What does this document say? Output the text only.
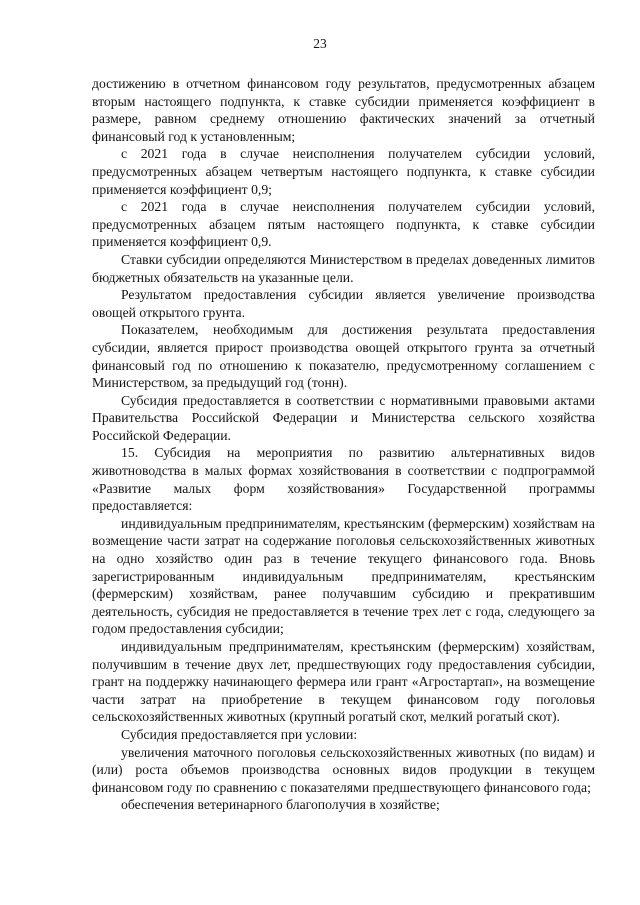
23

достижению в отчетном финансовом году результатов, предусмотренных абзацем вторым настоящего подпункта, к ставке субсидии применяется коэффициент в размере, равном среднему отношению фактических значений за отчетный финансовый год к установленным;

с 2021 года в случае неисполнения получателем субсидии условий, предусмотренных абзацем четвертым настоящего подпункта, к ставке субсидии применяется коэффициент 0,9;

с 2021 года в случае неисполнения получателем субсидии условий, предусмотренных абзацем пятым настоящего подпункта, к ставке субсидии применяется коэффициент 0,9.

Ставки субсидии определяются Министерством в пределах доведенных лимитов бюджетных обязательств на указанные цели.

Результатом предоставления субсидии является увеличение производства овощей открытого грунта.

Показателем, необходимым для достижения результата предоставления субсидии, является прирост производства овощей открытого грунта за отчетный финансовый год по отношению к показателю, предусмотренному соглашением с Министерством, за предыдущий год (тонн).

Субсидия предоставляется в соответствии с нормативными правовыми актами Правительства Российской Федерации и Министерства сельского хозяйства Российской Федерации.

15. Субсидия на мероприятия по развитию альтернативных видов животноводства в малых формах хозяйствования в соответствии с подпрограммой «Развитие малых форм хозяйствования» Государственной программы предоставляется:

индивидуальным предпринимателям, крестьянским (фермерским) хозяйствам на возмещение части затрат на содержание поголовья сельскохозяйственных животных на одно хозяйство один раз в течение текущего финансового года. Вновь зарегистрированным индивидуальным предпринимателям, крестьянским (фермерским) хозяйствам, ранее получавшим субсидию и прекратившим деятельность, субсидия не предоставляется в течение трех лет с года, следующего за годом предоставления субсидии;

индивидуальным предпринимателям, крестьянским (фермерским) хозяйствам, получившим в течение двух лет, предшествующих году предоставления субсидии, грант на поддержку начинающего фермера или грант «Агростартап», на возмещение части затрат на приобретение в текущем финансовом году поголовья сельскохозяйственных животных (крупный рогатый скот, мелкий рогатый скот).

Субсидия предоставляется при условии:

увеличения маточного поголовья сельскохозяйственных животных (по видам) и (или) роста объемов производства основных видов продукции в текущем финансовом году по сравнению с показателями предшествующего финансового года;

обеспечения ветеринарного благополучия в хозяйстве;
